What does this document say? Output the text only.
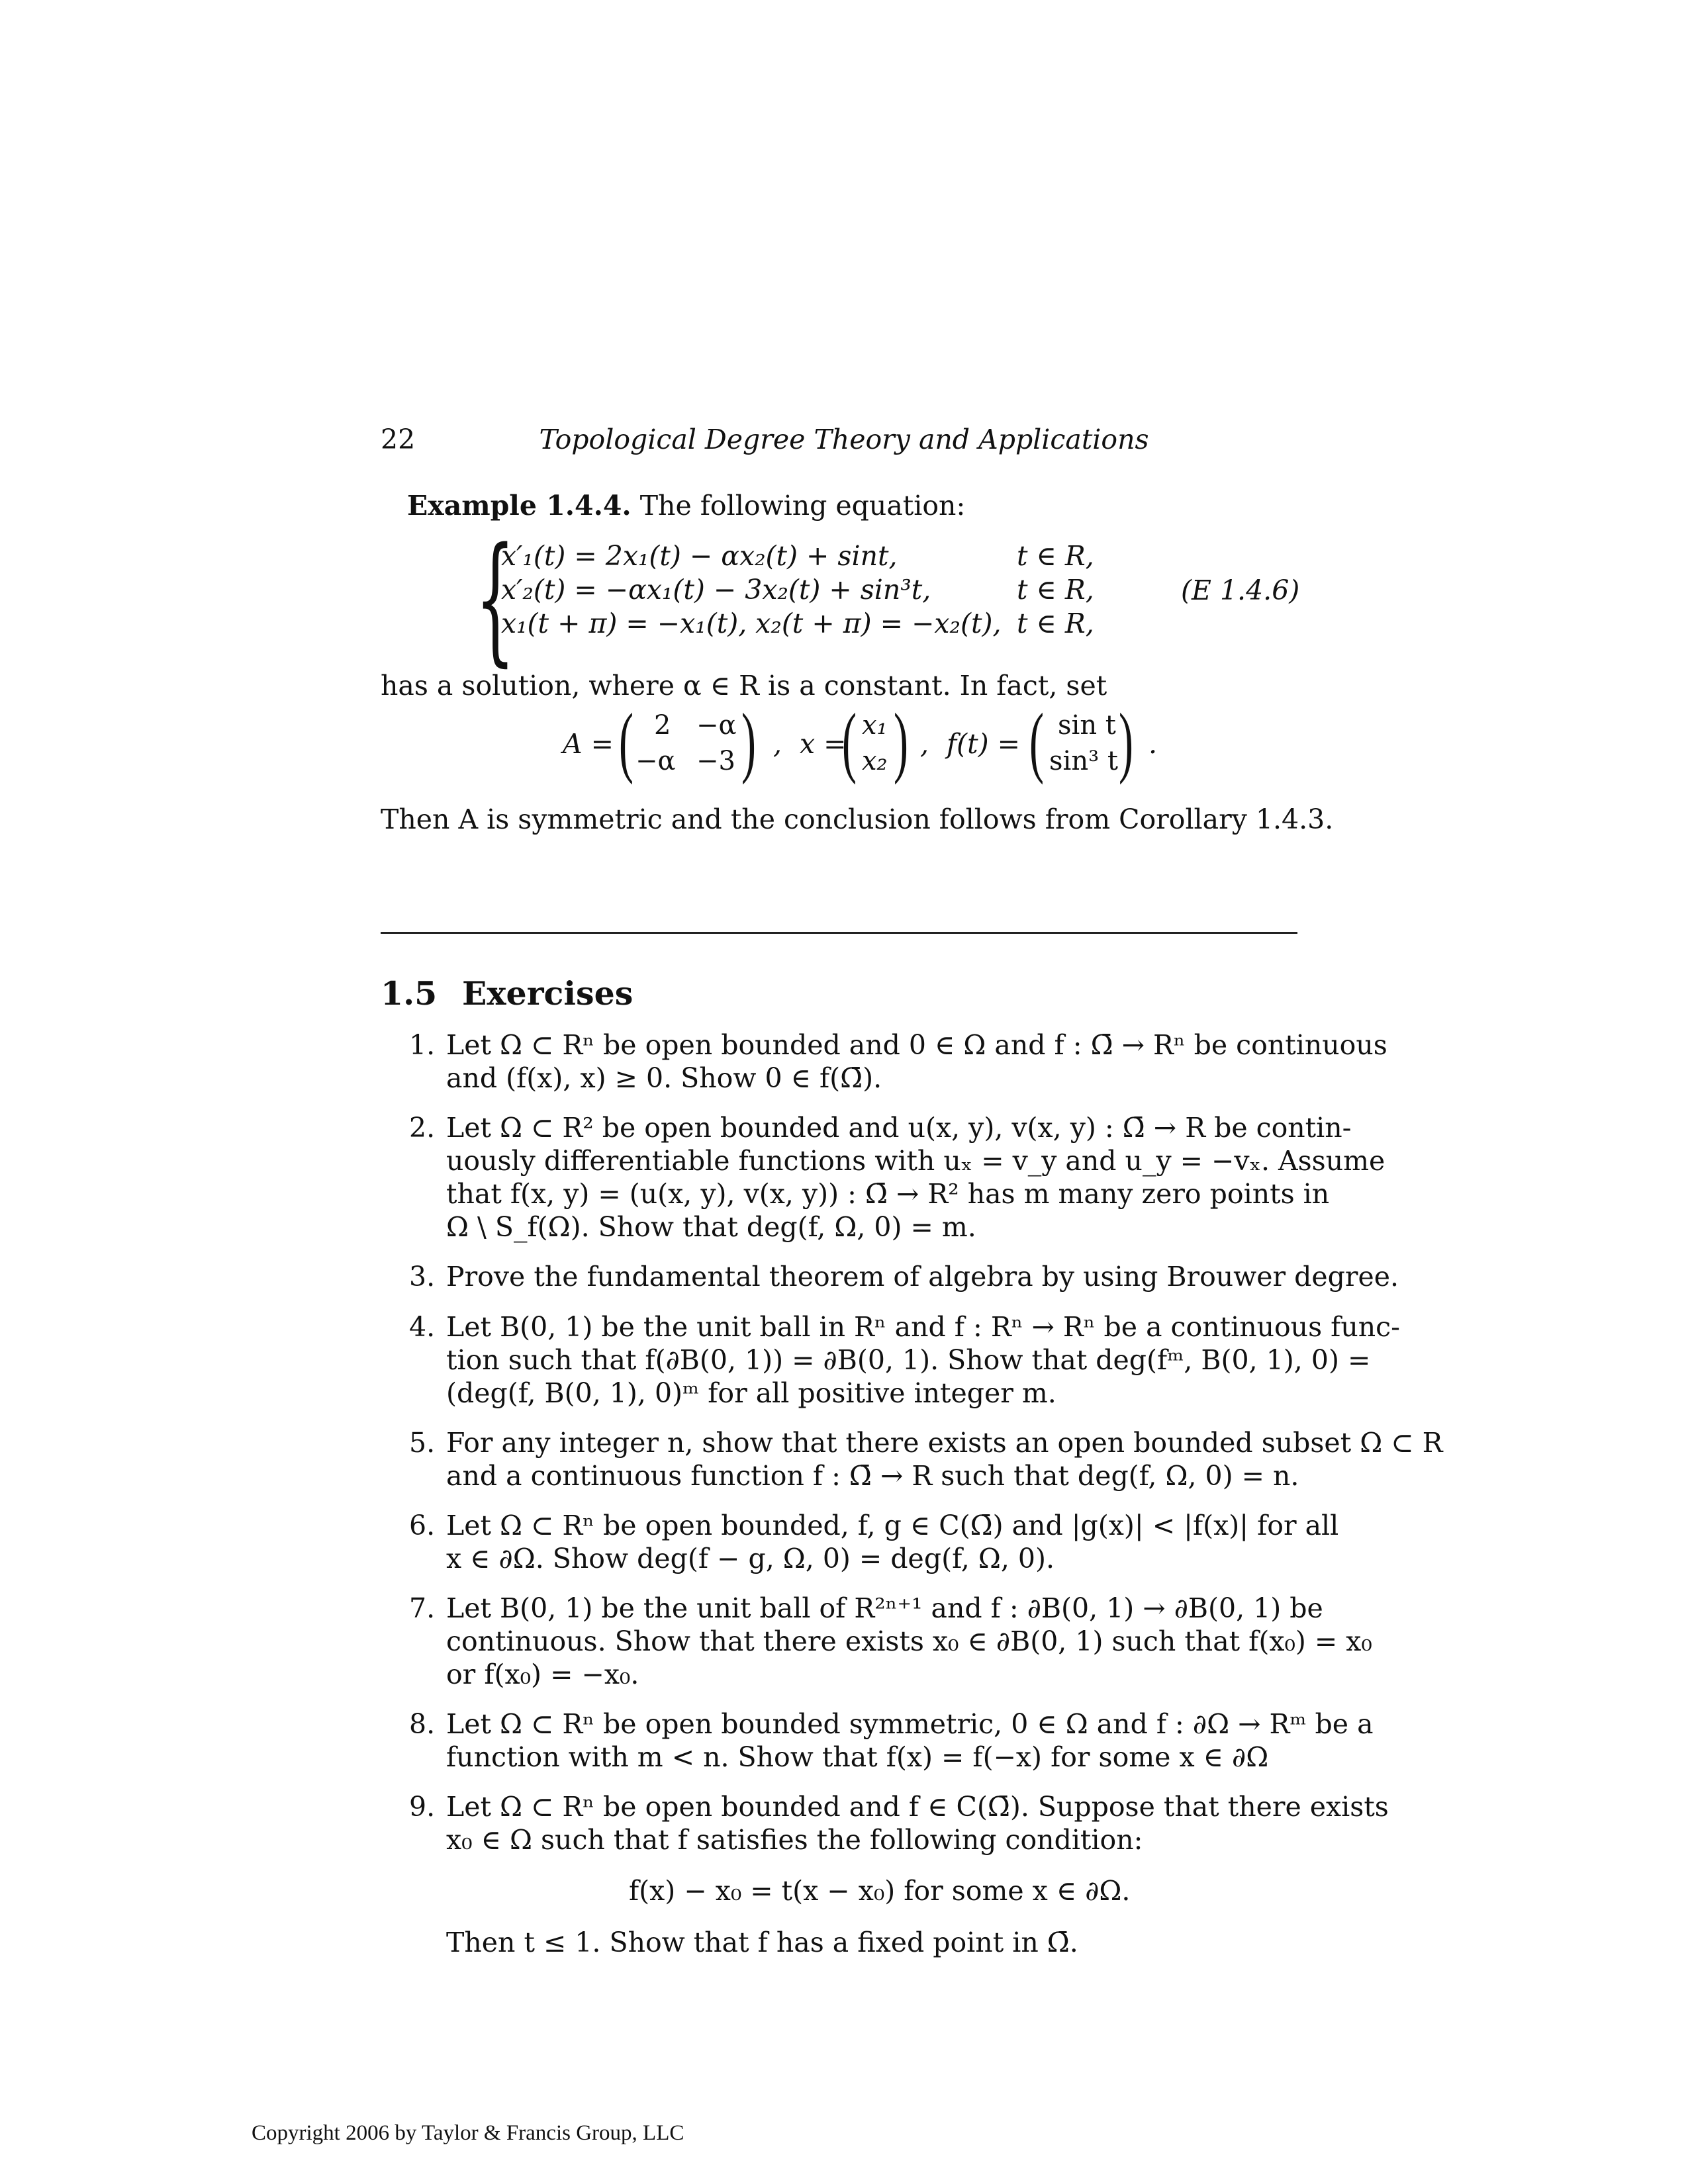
22	Topological Degree Theory and Applications
Example 1.4.4. The following equation:
{
x′₁(t) = 2x₁(t) − αx₂(t) + sint,	t ∈ R,
x′₂(t) = −αx₁(t) − 3x₂(t) + sin³t,	t ∈ R,
x₁(t + π) = −x₁(t), x₂(t + π) = −x₂(t), t ∈ R,
(E 1.4.6)
has a solution, where α ∈ R is a constant. In fact, set
A = ( 2 −α
−α −3 ) , x =
( x₁
x₂ ) , f(t) = ( sin t
sin³ t ) .
Then A is symmetric and the conclusion follows from Corollary 1.4.3.
1.5 Exercises
1. Let Ω ⊂ Rⁿ be open bounded and 0 ∈ Ω and f : Ω̄ → Rⁿ be continuous
and (f(x), x) ≥ 0. Show 0 ∈ f(Ω̄).
2. Let Ω ⊂ R² be open bounded and u(x, y), v(x, y) : Ω̄ → R be contin-
uously differentiable functions with uₓ = v_y and u_y = −vₓ. Assume
that f(x, y) = (u(x, y), v(x, y)) : Ω̄ → R² has m many zero points in
Ω \ S_f(Ω). Show that deg(f, Ω, 0) = m.
3. Prove the fundamental theorem of algebra by using Brouwer degree.
4. Let B(0, 1) be the unit ball in Rⁿ and f : Rⁿ → Rⁿ be a continuous func-
tion such that f(∂B(0, 1)) = ∂B(0, 1). Show that deg(fᵐ, B(0, 1), 0) =
(deg(f, B(0, 1), 0)ᵐ for all positive integer m.
5. For any integer n, show that there exists an open bounded subset Ω ⊂ R
and a continuous function f : Ω̄ → R such that deg(f, Ω, 0) = n.
6. Let Ω ⊂ Rⁿ be open bounded, f, g ∈ C(Ω̄) and |g(x)| < |f(x)| for all
x ∈ ∂Ω. Show deg(f − g, Ω, 0) = deg(f, Ω, 0).
7. Let B(0, 1) be the unit ball of R²ⁿ⁺¹ and f : ∂B(0, 1) → ∂B(0, 1) be
continuous. Show that there exists x₀ ∈ ∂B(0, 1) such that f(x₀) = x₀
or f(x₀) = −x₀.
8. Let Ω ⊂ Rⁿ be open bounded symmetric, 0 ∈ Ω and f : ∂Ω → Rᵐ be a
function with m < n. Show that f(x) = f(−x) for some x ∈ ∂Ω
9. Let Ω ⊂ Rⁿ be open bounded and f ∈ C(Ω̄). Suppose that there exists
x₀ ∈ Ω such that f satisfies the following condition:
f(x) − x₀ = t(x − x₀) for some x ∈ ∂Ω.
Then t ≤ 1. Show that f has a fixed point in Ω̄.
Copyright 2006 by Taylor & Francis Group, LLC
